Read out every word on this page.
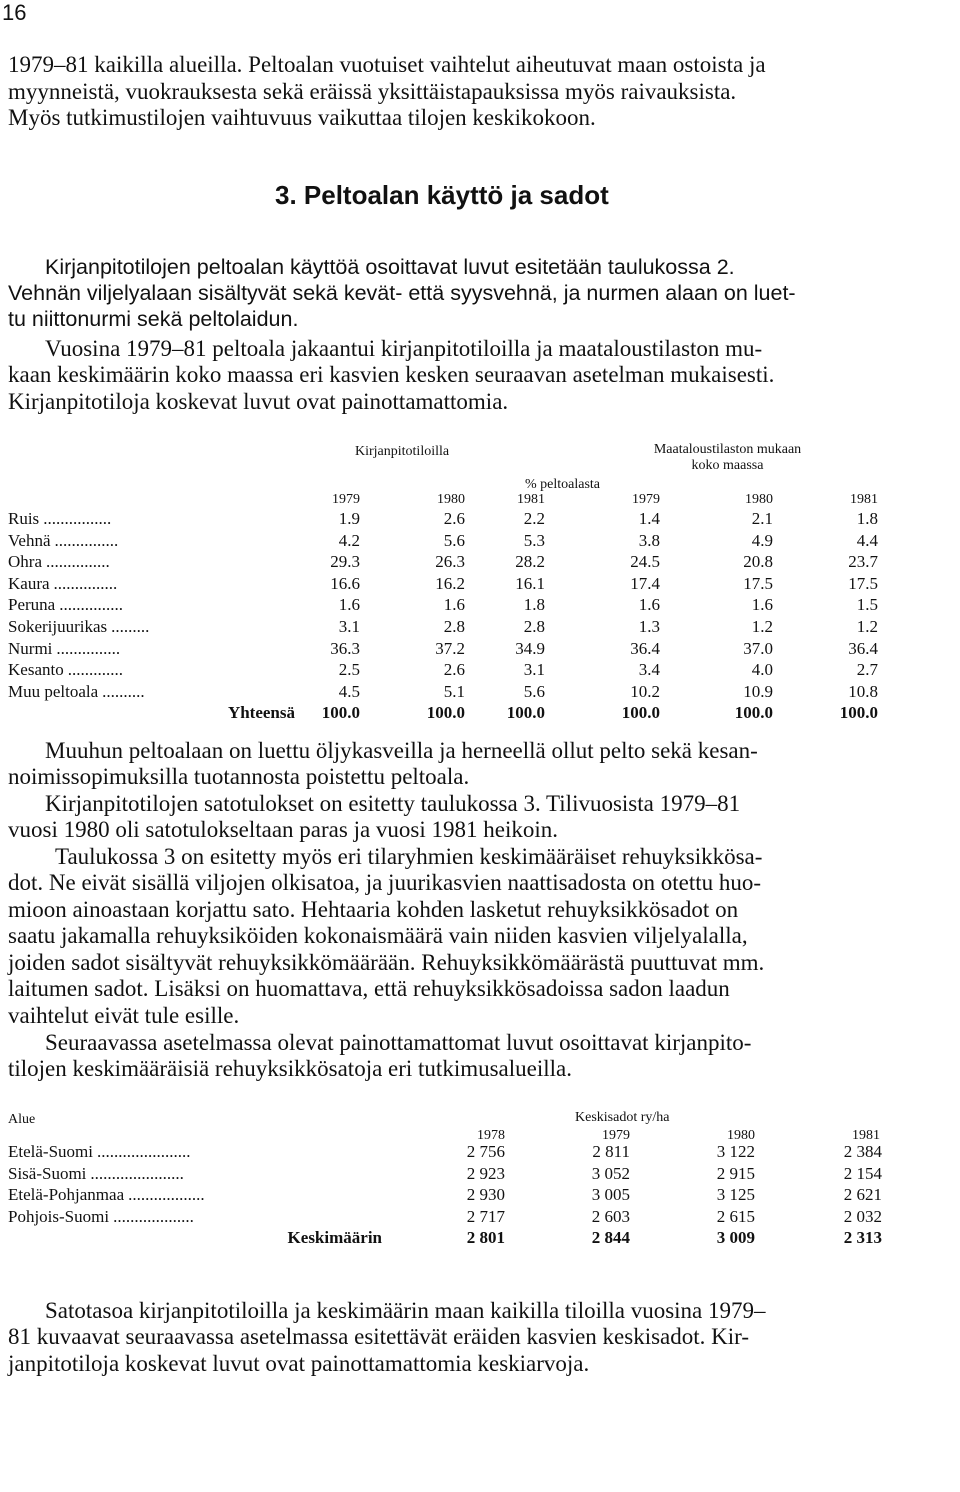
16
1979–81 kaikilla alueilla. Peltoalan vuotuiset vaihtelut aiheutuvat maan ostoista ja
myynneistä, vuokrauksesta sekä eräissä yksittäistapauksissa myös raivauksista.
Myös tutkimustilojen vaihtuvuus vaikuttaa tilojen keskikokoon.
3. Peltoalan käyttö ja sadot
Kirjanpitotilojen peltoalan käyttöä osoittavat luvut esitetään taulukossa 2.
Vehnän viljelyalaan sisältyvät sekä kevät- että syysvehnä, ja nurmen alaan on luet-
tu niittonurmi sekä peltolaidun.
Vuosina 1979–81 peltoala jakaantui kirjanpitotiloilla ja maataloustilaston mu-
kaan keskimäärin koko maassa eri kasvien kesken seuraavan asetelman mukaisesti.
Kirjanpitotiloja koskevat luvut ovat painottamattomia.
Kirjanpitotiloilla	Maataloustilaston mukaan
koko maassa
% peltoalasta
1979	1980	1981	1979	1980	1981
Ruis ................	1.9	2.6	2.2	1.4	2.1	1.8
Vehnä ...............	4.2	5.6	5.3	3.8	4.9	4.4
Ohra ...............	29.3	26.3	28.2	24.5	20.8	23.7
Kaura ...............	16.6	16.2	16.1	17.4	17.5	17.5
Peruna ...............	1.6	1.6	1.8	1.6	1.6	1.5
Sokerijuurikas .........	3.1	2.8	2.8	1.3	1.2	1.2
Nurmi ...............	36.3	37.2	34.9	36.4	37.0	36.4
Kesanto .............	2.5	2.6	3.1	3.4	4.0	2.7
Muu peltoala ..........	4.5	5.1	5.6	10.2	10.9	10.8
Yhteensä	100.0	100.0	100.0	100.0	100.0	100.0
Muuhun peltoalaan on luettu öljykasveilla ja herneellä ollut pelto sekä kesan-
noimissopimuksilla tuotannosta poistettu peltoala.
Kirjanpitotilojen satotulokset on esitetty taulukossa 3. Tilivuosista 1979–81
vuosi 1980 oli satotulokseltaan paras ja vuosi 1981 heikoin.
Taulukossa 3 on esitetty myös eri tilaryhmien keskimääräiset rehuyksikkösa-
dot. Ne eivät sisällä viljojen olkisatoa, ja juurikasvien naattisadosta on otettu huo-
mioon ainoastaan korjattu sato. Hehtaaria kohden lasketut rehuyksikkösadot on
saatu jakamalla rehuyksiköiden kokonaismäärä vain niiden kasvien viljelyalalla,
joiden sadot sisältyvät rehuyksikkömäärään. Rehuyksikkömäärästä puuttuvat mm.
laitumen sadot. Lisäksi on huomattava, että rehuyksikkösadoissa sadon laadun
vaihtelut eivät tule esille.
Seuraavassa asetelmassa olevat painottamattomat luvut osoittavat kirjanpito-
tilojen keskimääräisiä rehuyksikkösatoja eri tutkimusalueilla.
Alue	Keskisadot ry/ha
1978	1979	1980	1981
Etelä-Suomi ......................	2 756	2 811	3 122	2 384
Sisä-Suomi ......................	2 923	3 052	2 915	2 154
Etelä-Pohjanmaa ..................	2 930	3 005	3 125	2 621
Pohjois-Suomi ...................	2 717	2 603	2 615	2 032
Keskimäärin	2 801	2 844	3 009	2 313
Satotasoa kirjanpitotiloilla ja keskimäärin maan kaikilla tiloilla vuosina 1979–
81 kuvaavat seuraavassa asetelmassa esitettävät eräiden kasvien keskisadot. Kir-
janpitotiloja koskevat luvut ovat painottamattomia keskiarvoja.
